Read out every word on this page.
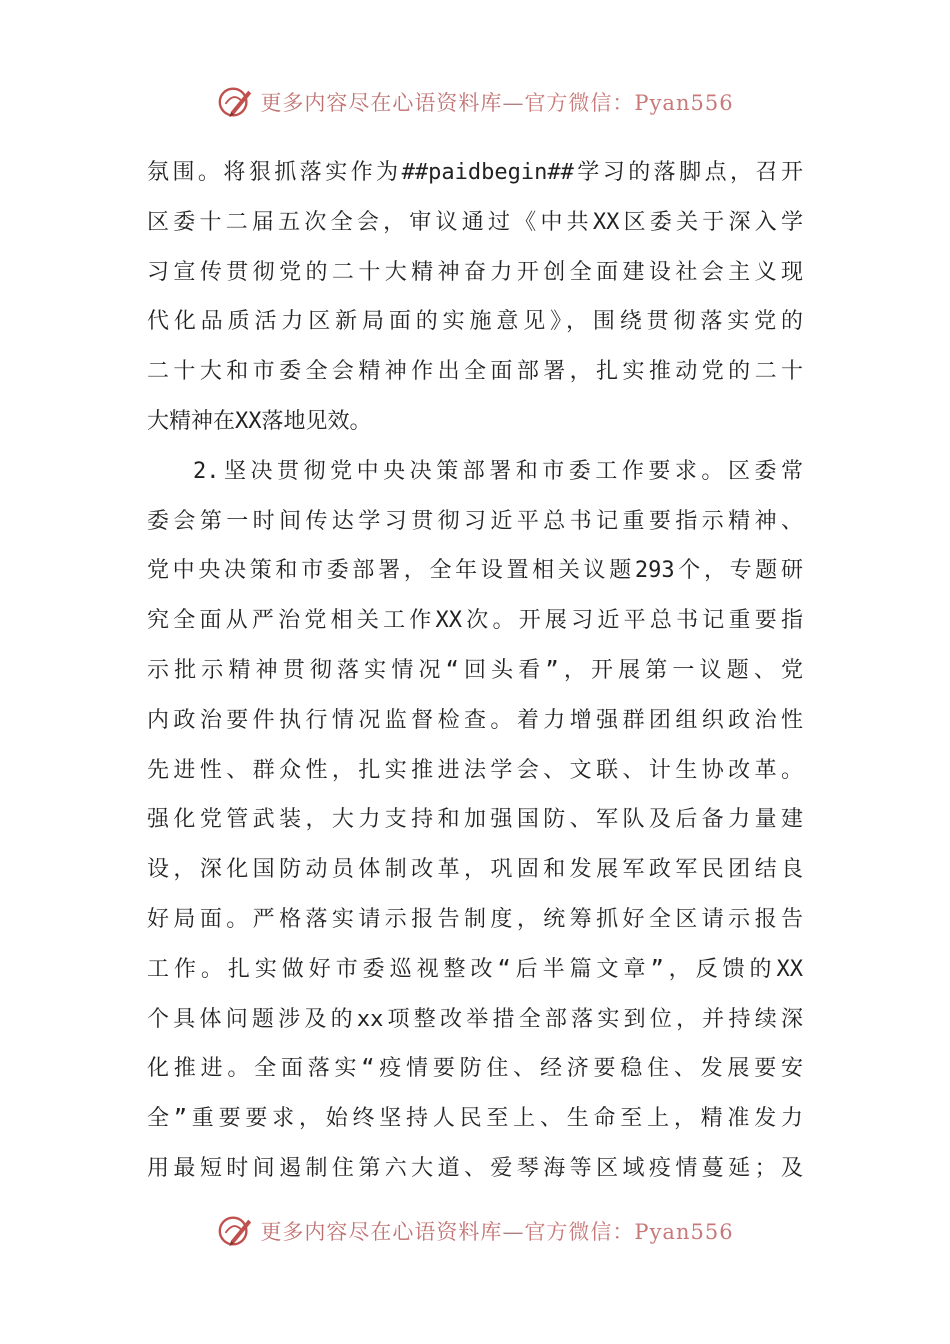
更多内容尽在心语资料库—官方微信：Pyan556
氛围。将狠抓落实作为##paidbegin##学习的落脚点，召开
区委十二届五次全会，审议通过《中共XX区委关于深入学
习宣传贯彻党的二十大精神奋力开创全面建设社会主义现
代化品质活力区新局面的实施意见》，围绕贯彻落实党的
二十大和市委全会精神作出全面部署，扎实推动党的二十
大精神在XX落地见效。
2.坚决贯彻党中央决策部署和市委工作要求。区委常
委会第一时间传达学习贯彻习近平总书记重要指示精神、
党中央决策和市委部署，全年设置相关议题293个，专题研
究全面从严治党相关工作XX次。开展习近平总书记重要指
示批示精神贯彻落实情况“回头看”，开展第一议题、党
内政治要件执行情况监督检查。着力增强群团组织政治性
先进性、群众性，扎实推进法学会、文联、计生协改革。
强化党管武装，大力支持和加强国防、军队及后备力量建
设，深化国防动员体制改革，巩固和发展军政军民团结良
好局面。严格落实请示报告制度，统筹抓好全区请示报告
工作。扎实做好市委巡视整改“后半篇文章”，反馈的XX
个具体问题涉及的xx项整改举措全部落实到位，并持续深
化推进。全面落实“疫情要防住、经济要稳住、发展要安
全”重要要求，始终坚持人民至上、生命至上，精准发力
用最短时间遏制住第六大道、爱琴海等区域疫情蔓延；及
更多内容尽在心语资料库—官方微信：Pyan556
